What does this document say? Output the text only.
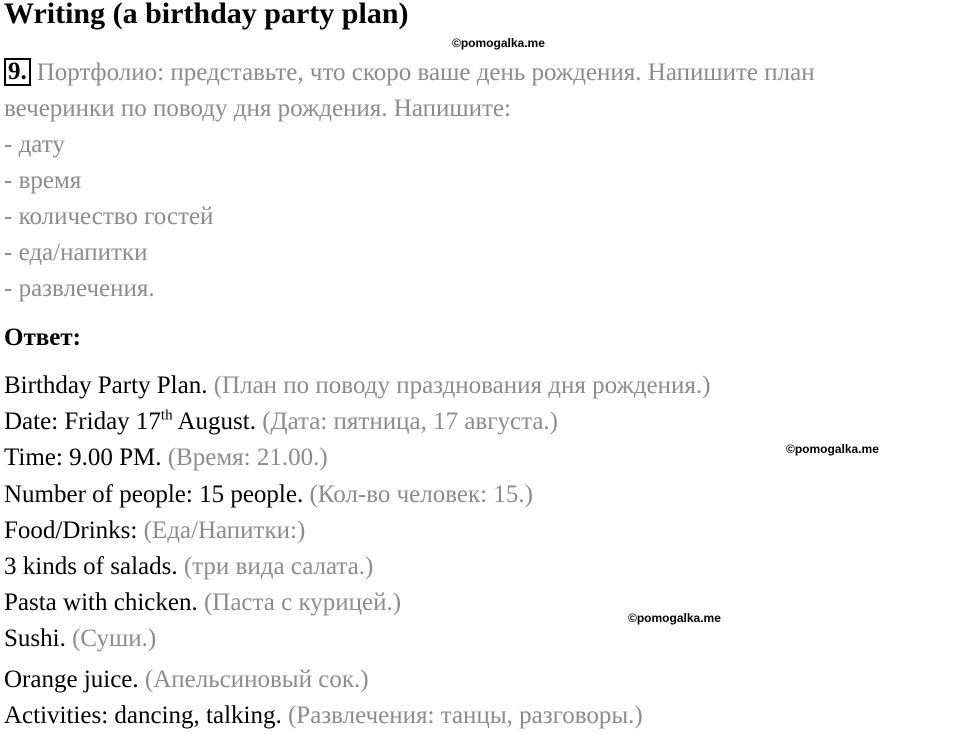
Writing (a birthday party plan)
©pomogalka.me
9. Портфолио: представьте, что скоро ваше день рождения. Напишите план
вечеринки по поводу дня рождения. Напишите:
- дату
- время
- количество гостей
- еда/напитки
- развлечения.
Ответ:
Birthday Party Plan. (План по поводу празднования дня рождения.)
Date: Friday 17th August. (Дата: пятница, 17 августа.)
Time: 9.00 PM. (Время: 21.00.)
Number of people: 15 people. (Кол-во человек: 15.)
Food/Drinks: (Еда/Напитки:)
3 kinds of salads. (три вида салата.)
Pasta with chicken. (Паста с курицей.)
Sushi. (Суши.)
Orange juice. (Апельсиновый сок.)
Activities: dancing, talking. (Развлечения: танцы, разговоры.)
©pomogalka.me
©pomogalka.me
